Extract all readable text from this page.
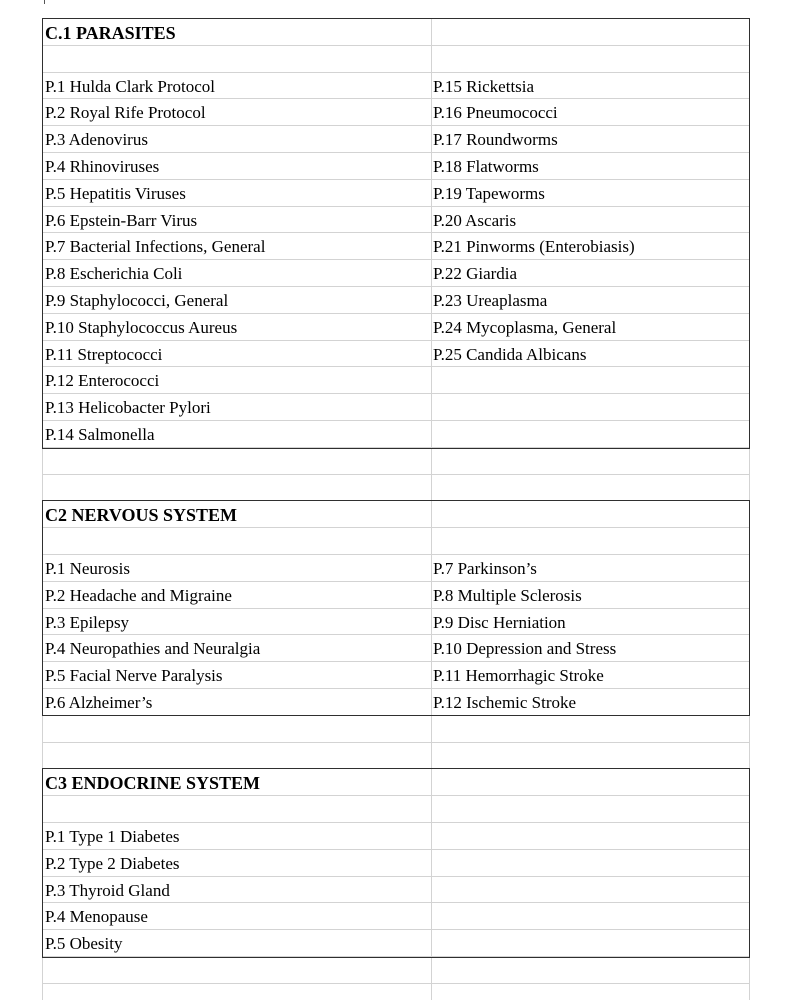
C.1 PARASITES
P.1 Hulda Clark Protocol	P.15 Rickettsia
P.2 Royal Rife Protocol	P.16 Pneumococci
P.3 Adenovirus	P.17 Roundworms
P.4 Rhinoviruses	P.18 Flatworms
P.5 Hepatitis Viruses	P.19 Tapeworms
P.6 Epstein-Barr Virus	P.20 Ascaris
P.7 Bacterial Infections, General	P.21 Pinworms (Enterobiasis)
P.8 Escherichia Coli	P.22 Giardia
P.9 Staphylococci, General	P.23 Ureaplasma
P.10 Staphylococcus Aureus	P.24 Mycoplasma, General
P.11 Streptococci	P.25 Candida Albicans
P.12 Enterococci
P.13 Helicobacter Pylori
P.14 Salmonella
C2 NERVOUS SYSTEM
P.1 Neurosis	P.7 Parkinson’s
P.2 Headache and Migraine	P.8 Multiple Sclerosis
P.3 Epilepsy	P.9 Disc Herniation
P.4 Neuropathies and Neuralgia	P.10 Depression and Stress
P.5 Facial Nerve Paralysis	P.11 Hemorrhagic Stroke
P.6 Alzheimer’s	P.12 Ischemic Stroke
C3 ENDOCRINE SYSTEM
P.1 Type 1 Diabetes
P.2 Type 2 Diabetes
P.3 Thyroid Gland
P.4 Menopause
P.5 Obesity
